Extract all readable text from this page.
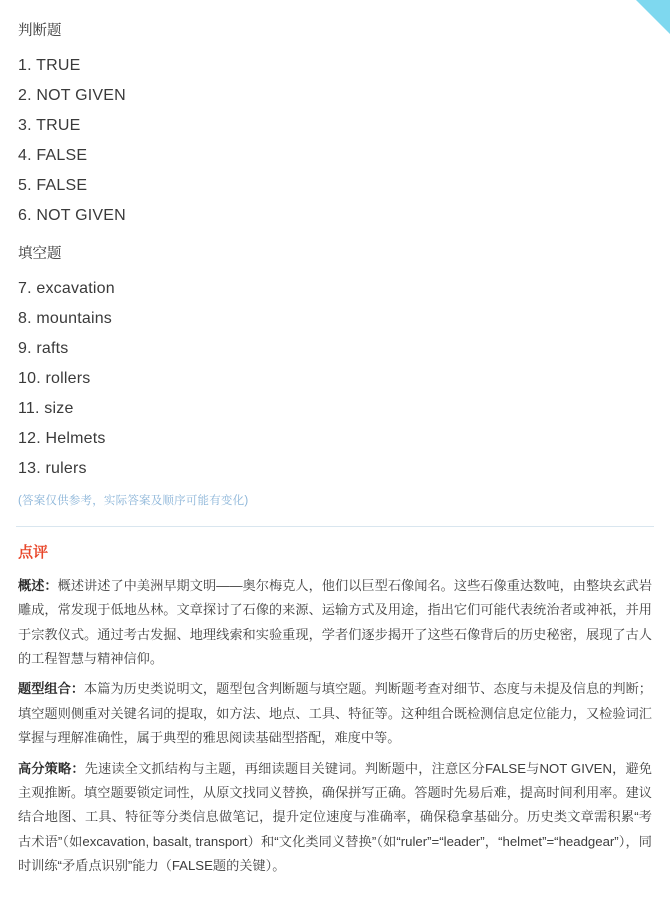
判断题
1. TRUE
2. NOT GIVEN
3. TRUE
4. FALSE
5. FALSE
6. NOT GIVEN
填空题
7. excavation
8. mountains
9. rafts
10. rollers
11. size
12. Helmets
13. rulers
(答案仅供参考，实际答案及顺序可能有变化)
点评
概述：概述讲述了中美洲早期文明——奥尔梅克人，他们以巨型石像闻名。这些石像重达数吨，由整块玄武岩雕成，常发现于低地丛林。文章探讨了石像的来源、运输方式及用途，指出它们可能代表统治者或神祇，并用于宗教仪式。通过考古发掘、地理线索和实验重现，学者们逐步揭开了这些石像背后的历史秘密，展现了古人的工程智慧与精神信仰。
题型组合：本篇为历史类说明文，题型包含判断题与填空题。判断题考查对细节、态度与未提及信息的判断；填空题则侧重对关键名词的提取，如方法、地点、工具、特征等。这种组合既检测信息定位能力，又检验词汇掌握与理解准确性，属于典型的雅思阅读基础型搭配，难度中等。
高分策略：先速读全文抓结构与主题，再细读题目关键词。判断题中，注意区分FALSE与NOT GIVEN，避免主观推断。填空题要锁定词性，从原文找同义替换，确保拼写正确。答题时先易后难，提高时间利用率。建议结合地图、工具、特征等分类信息做笔记，提升定位速度与准确率，确保稳拿基础分。历史类文章需积累“考古术语”（如excavation, basalt, transport）和“文化类同义替换”（如“ruler”=“leader”，“helmet”=“headgear”），同时训练“矛盾点识别”能力（FALSE题的关键）。
